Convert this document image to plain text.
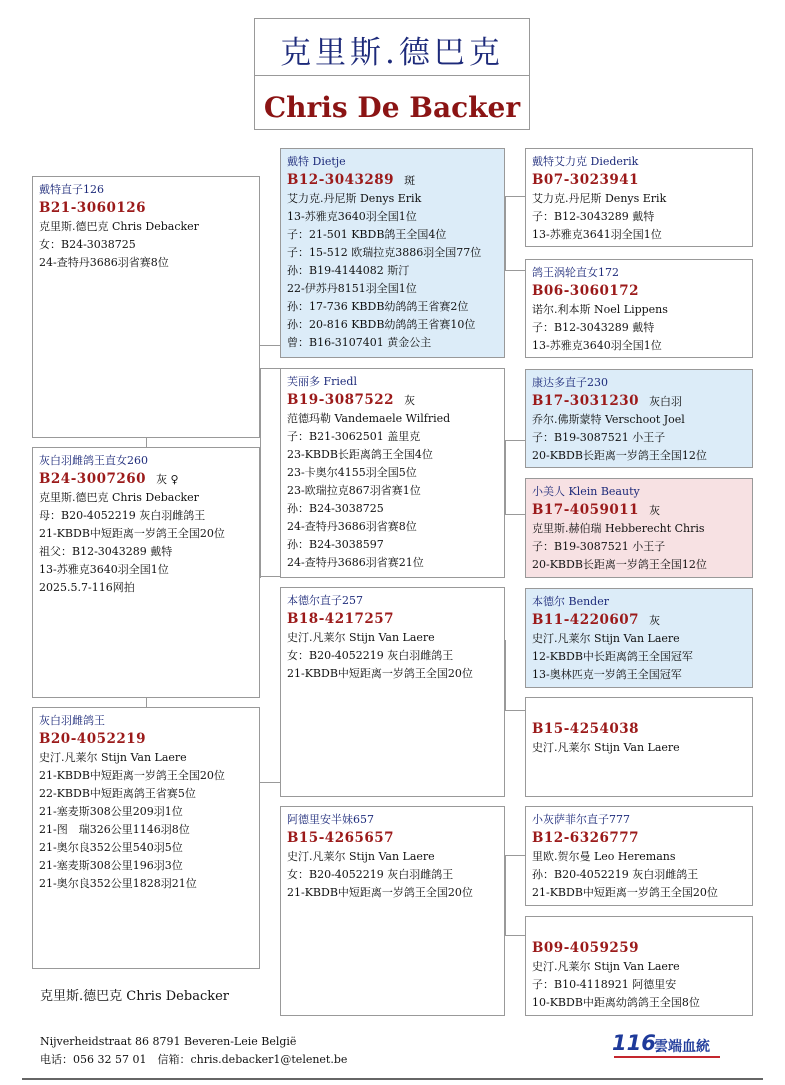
克里斯.德巴克
Chris De Backer
戴特直子126
B21-3060126
克里斯.德巴克 Chris Debacker
女：B24-3038725
24-查特丹3686羽省赛8位
灰白羽雌鸽王直女260
B24-3007260 灰 ♀
克里斯.德巴克 Chris Debacker
母：B20-4052219 灰白羽雌鸽王
21-KBDB中短距离一岁鸽王全国20位
祖父：B12-3043289 戴特
13-苏雅克3640羽全国1位
2025.5.7-116网拍
灰白羽雌鸽王
B20-4052219
史汀.凡莱尔 Stijn Van Laere
21-KBDB中短距离一岁鸽王全国20位
22-KBDB中短距离鸽王省赛5位
21-塞麦斯308公里209羽1位
21-图　瑞326公里1146羽8位
21-奥尔良352公里540羽5位
21-塞麦斯308公里196羽3位
21-奥尔良352公里1828羽21位
戴特 Dietje
B12-3043289 斑
艾力克.丹尼斯 Denys Erik
13-苏雅克3640羽全国1位
子：21-501 KBDB鸽王全国4位
子：15-512 欧瑞拉克3886羽全国77位
孙：B19-4144082 斯汀
22-伊苏丹8151羽全国1位
孙：17-736 KBDB幼鸽鸽王省赛2位
孙：20-816 KBDB幼鸽鸽王省赛10位
曾：B16-3107401 黄金公主
芙丽多 Friedl
B19-3087522 灰
范德玛勒 Vandemaele Wilfried
子：B21-3062501 盖里克
23-KBDB长距离鸽王全国4位
23-卡奥尔4155羽全国5位
23-欧瑞拉克867羽省赛1位
孙：B24-3038725
24-查特丹3686羽省赛8位
孙：B24-3038597
24-查特丹3686羽省赛21位
本德尔直子257
B18-4217257
史汀.凡莱尔 Stijn Van Laere
女：B20-4052219 灰白羽雌鸽王
21-KBDB中短距离一岁鸽王全国20位
阿德里安半妹657
B15-4265657
史汀.凡莱尔 Stijn Van Laere
女：B20-4052219 灰白羽雌鸽王
21-KBDB中短距离一岁鸽王全国20位
戴特艾力克 Diederik
B07-3023941
艾力克.丹尼斯 Denys Erik
子：B12-3043289 戴特
13-苏雅克3641羽全国1位
鸽王涡轮直女172
B06-3060172
诺尔.利本斯 Noel Lippens
子：B12-3043289 戴特
13-苏雅克3640羽全国1位
康达多直子230
B17-3031230 灰白羽
乔尔.佛斯蒙特 Verschoot Joel
子：B19-3087521 小王子
20-KBDB长距离一岁鸽王全国12位
小美人 Klein Beauty
B17-4059011 灰
克里斯.赫伯瑞 Hebberecht Chris
子：B19-3087521 小王子
20-KBDB长距离一岁鸽王全国12位
本德尔 Bender
B11-4220607 灰
史汀.凡莱尔 Stijn Van Laere
12-KBDB中长距离鸽王全国冠军
13-奥林匹克一岁鸽王全国冠军
B15-4254038
史汀.凡莱尔 Stijn Van Laere
小灰萨菲尔直子777
B12-6326777
里欧.贺尔曼 Leo Heremans
孙：B20-4052219 灰白羽雌鸽王
21-KBDB中短距离一岁鸽王全国20位
B09-4059259
史汀.凡莱尔 Stijn Van Laere
子：B10-4118921 阿德里安
10-KBDB中距离幼鸽鸽王全国8位
克里斯.德巴克 Chris Debacker
Nijverheidstraat 86 8791 Beveren-Leie België
电话：056 32 57 01　信箱：chris.debacker1@telenet.be
116
雲端血統
